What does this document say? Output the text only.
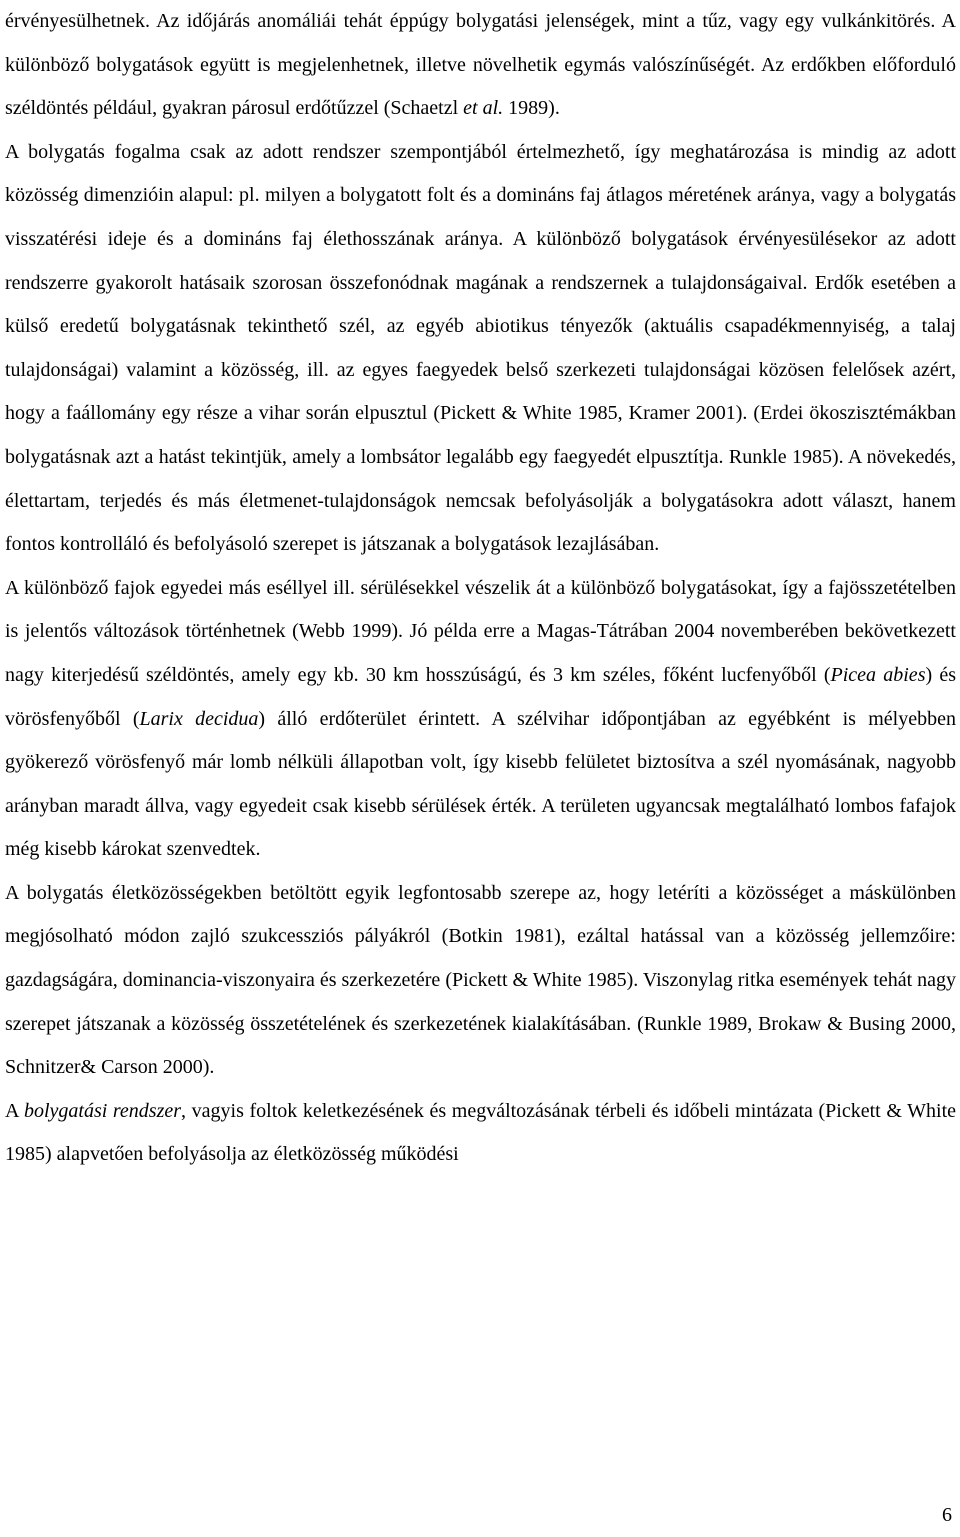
érvényesülhetnek. Az időjárás anomáliái tehát éppúgy bolygatási jelenségek, mint a tűz, vagy egy vulkánkitörés. A különböző bolygatások együtt is megjelenhetnek, illetve növelhetik egymás valószínűségét. Az erdőkben előforduló széldöntés például, gyakran párosul erdőtűzzel (Schaetzl et al. 1989).

A bolygatás fogalma csak az adott rendszer szempontjából értelmezhető, így meghatározása is mindig az adott közösség dimenzióin alapul: pl. milyen a bolygatott folt és a domináns faj átlagos méretének aránya, vagy a bolygatás visszatérési ideje és a domináns faj élethosszának aránya. A különböző bolygatások érvényesülésekor az adott rendszerre gyakorolt hatásaik szorosan összefonódnak magának a rendszernek a tulajdonságaival. Erdők esetében a külső eredetű bolygatásnak tekinthető szél, az egyéb abiotikus tényezők (aktuális csapadékmennyiség, a talaj tulajdonságai) valamint a közösség, ill. az egyes faegyedek belső szerkezeti tulajdonságai közösen felelősek azért, hogy a faállomány egy része a vihar során elpusztul (Pickett & White 1985, Kramer 2001). (Erdei ökoszisztémákban bolygatásnak azt a hatást tekintjük, amely a lombsátor legalább egy faegyedét elpusztítja. Runkle 1985). A növekedés, élettartam, terjedés és más életmenet-tulajdonságok nemcsak befolyásolják a bolygatásokra adott választ, hanem fontos kontrolláló és befolyásoló szerepet is játszanak a bolygatások lezajlásában.

A különböző fajok egyedei más eséllyel ill. sérülésekkel vészelik át a különböző bolygatásokat, így a fajösszetételben is jelentős változások történhetnek (Webb 1999). Jó példa erre a Magas-Tátrában 2004 novemberében bekövetkezett nagy kiterjedésű széldöntés, amely egy kb. 30 km hosszúságú, és 3 km széles, főként lucfenyőből (Picea abies) és vörösfenyőből (Larix decidua) álló erdőterület érintett. A szélvihar időpontjában az egyébként is mélyebben gyökerező vörösfenyő már lomb nélküli állapotban volt, így kisebb felületet biztosítva a szél nyomásának, nagyobb arányban maradt állva, vagy egyedeit csak kisebb sérülések érték. A területen ugyancsak megtalálható lombos fafajok még kisebb károkat szenvedtek.

A bolygatás életközösségekben betöltött egyik legfontosabb szerepe az, hogy letéríti a közösséget a máskülönben megjósolható módon zajló szukcessziós pályákról (Botkin 1981), ezáltal hatással van a közösség jellemzőire: gazdagságára, dominancia-viszonyaira és szerkezetére (Pickett & White 1985). Viszonylag ritka események tehát nagy szerepet játszanak a közösség összetételének és szerkezetének kialakításában. (Runkle 1989, Brokaw & Busing 2000, Schnitzer& Carson 2000).

A bolygatási rendszer, vagyis foltok keletkezésének és megváltozásának térbeli és időbeli mintázata (Pickett & White 1985) alapvetően befolyásolja az életközösség működési

6
